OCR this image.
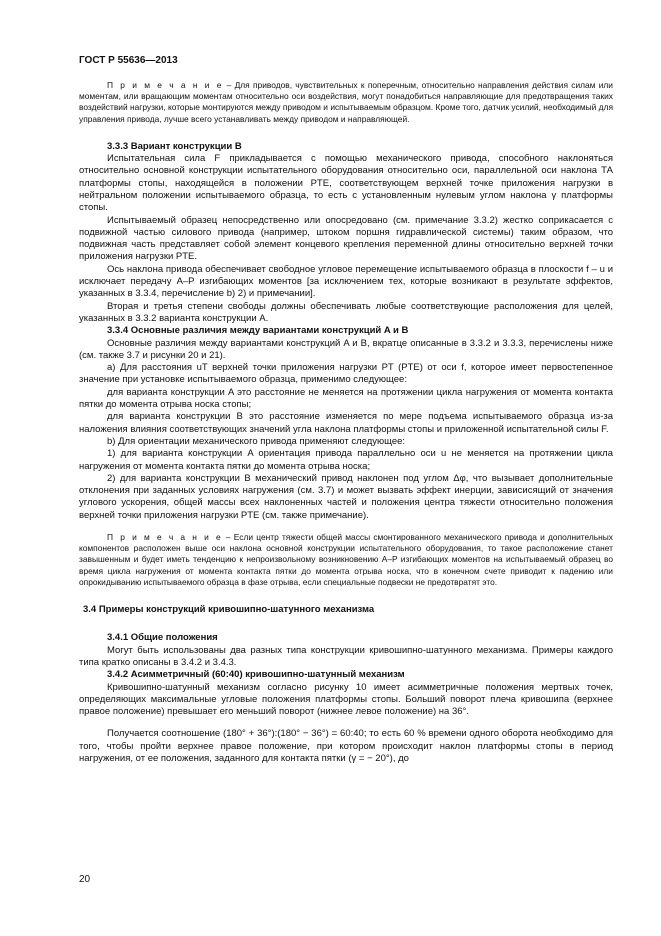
ГОСТ Р 55636—2013

П р и м е ч а н и е – Для приводов, чувствительных к поперечным, относительно направления действия силам или моментам, или вращающим моментам относительно оси воздействия, могут понадобиться направляющие для предотвращения таких воздействий нагрузки, которые монтируются между приводом и испытываемым образцом. Кроме того, датчик усилий, необходимый для управления привода, лучше всего устанавливать между приводом и направляющей.

3.3.3 Вариант конструкции B

Испытательная сила F прикладывается с помощью механического привода, способного наклоняться относительно основной конструкции испытательного оборудования относительно оси, параллельной оси наклона ТА платформы стопы, находящейся в положении PTE, соответствующем верхней точке приложения нагрузки в нейтральном положении испытываемого образца, то есть с установленным нулевым углом наклона γ платформы стопы.

Испытываемый образец непосредственно или опосредовано (см. примечание 3.3.2) жестко соприкасается с подвижной частью силового привода (например, штоком поршня гидравлической системы) таким образом, что подвижная часть представляет собой элемент концевого крепления переменной длины относительно верхней точки приложения нагрузки PTE.

Ось наклона привода обеспечивает свободное угловое перемещение испытываемого образца в плоскости f – u и исключает передачу A–P изгибающих моментов [за исключением тех, которые возникают в результате эффектов, указанных в 3.3.4, перечисление b) 2) и примечании].

Вторая и третья степени свободы должны обеспечивать любые соответствующие расположения для целей, указанных в 3.3.2 варианта конструкции A.

3.3.4 Основные различия между вариантами конструкций A и B

Основные различия между вариантами конструкций A и B, вкратце описанные в 3.3.2 и 3.3.3, перечислены ниже (см. также 3.7 и рисунки 20 и 21).

а) Для расстояния uT верхней точки приложения нагрузки PT (PTE) от оси f, которое имеет первостепенное значение при установке испытываемого образца, применимо следующее:

для варианта конструкции A это расстояние не меняется на протяжении цикла нагружения от момента контакта пятки до момента отрыва носка стопы;

для варианта конструкции B это расстояние изменяется по мере подъема испытываемого образца из-за наложения влияния соответствующих значений угла наклона платформы стопы и приложенной испытательной силы F.

b) Для ориентации механического привода применяют следующее:

1) для варианта конструкции A ориентация привода параллельно оси u не меняется на протяжении цикла нагружения от момента контакта пятки до момента отрыва носка;

2) для варианта конструкции B механический привод наклонен под углом Δφ, что вызывает дополнительные отклонения при заданных условиях нагружения (см. 3.7) и может вызвать эффект инерции, зависисящий от значения углового ускорения, общей массы всех наклоненных частей и положения центра тяжести относительно положения верхней точки приложения нагрузки PTE (см. также примечание).

П р и м е ч а н и е – Если центр тяжести общей массы смонтированного механического привода и дополнительных компонентов расположен выше оси наклона основной конструкции испытательного оборудования, то такое расположение станет завышенным и будет иметь тенденцию к непроизвольному возникновению A–P изгибающих моментов на испытываемый образец во время цикла нагружения от момента контакта пятки до момента отрыва носка, что в конечном счете приводит к падению или опрокидыванию испытываемого образца в фазе отрыва, если специальные подвески не предотвратят это.

3.4 Примеры конструкций кривошипно-шатунного механизма

3.4.1 Общие положения

Могут быть использованы два разных типа конструкции кривошипно-шатунного механизма. Примеры каждого типа кратко описаны в 3.4.2 и 3.4.3.

3.4.2 Асимметричный (60:40) кривошипно-шатунный механизм

Кривошипно-шатунный механизм согласно рисунку 10 имеет асимметричные положения мертвых точек, определяющих максимальные угловые положения платформы стопы. Больший поворот плеча кривошипа (верхнее правое положение) превышает его меньший поворот (нижнее левое положение) на 36°.

Получается соотношение (180° + 36°):(180° − 36°) = 60:40; то есть 60 % времени одного оборота необходимо для того, чтобы пройти верхнее правое положение, при котором происходит наклон платформы стопы в период нагружения, от ее положения, заданного для контакта пятки (γ = − 20°), до

20
